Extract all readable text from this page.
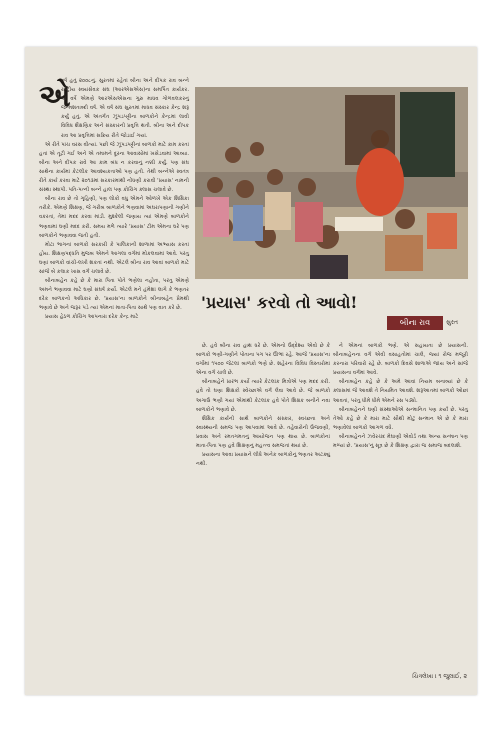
એ

વર્ષ હતું ૨૦૦૮નું. સુરતમાં રહેતાં બીના અને દીપક રાવ બન્ને રાષ્ટ્રીય સ્વયંસેવક સંઘ (આરએસએસ)ના સમર્પિત કાર્યકર. એ વર્ષે એમણે આરએસએસના ગુરુ માધવ ગોળવલકરનું જન્મશતાબ્દી વર્ષ. એ વર્ષ સંઘ સુરતમાં માધવ સંસ્કાર કેન્દ્ર શરૂ કર્યું હતું. એ અંતર્ગત ઝૂંપડપટ્ટીના બાળકોને કેન્દ્રમાં લાવી વિવિધ શૈક્ષણિક અને સંસ્કારની પ્રવૃત્તિ થતી. બીના અને દીપક રાવ આ પ્રવૃત્તિમાં સક્રિય રીતે જોડાઈ ગયાં.

એ રીતે પાંચ વરસ વીત્યાં. પછી જે ઝૂંપડપટ્ટીનાં બાળકો માટે કામ કરતાં હતાં એ તૂટી ગઈ અને એ તમામને દૂરના આવાસોમાં ખસેડવામાં આવ્યા. બીના અને દીપક રાવે આ કામ બંધ ન કરવાનું નક્કી કર્યું. પણ સંઘ સાથેના કાર્યમાં કેટલીક આવશ્યકતાઓ પણ હતી. તેથી બન્નેએ સ્વતંત્ર રીતે કાર્ય કરવા માટે ૨૦૧૩માં સરકારમાંથી નોંધણી કરાવી 'પ્રયાસ' નામની સંસ્થા સ્થાપી. પતિ-પત્ની બન્ને હાલ પણ કોચિંગ ક્લાસ ચલાવે છે.

બીના રાવ છે તો ગૃહિણી, પણ લોકો વધુ એમને ઓળખે એક શિક્ષિકા તરીકે. એમણે શિક્ષણ, જે ગરીબ બાળકોને ભણવામાં અઘરાપણાની ગણીને વકરતાં, તેમાં મદદ કરવા માંડી. મુશ્કેલી જણાય ત્યાં એમણે બાળકોને ભણવામાં ઘણી મદદ કરી. સમય મળે ત્યારે 'પ્રયાસ' ટીમ એમના ઘરે પણ બાળકોને ભણાવવા જતી હતી.

મોટા ભાગનાં બાળકો સરકારી કે પાલિકાની શાળામાં અભ્યાસ કરતાં હોય. શિક્ષણપદ્ધતિ મુજબ એમને આગલા વર્ગમાં મોકલવામાં આવે. પરંતુ ઘણાં બાળકો વાંચી-લખી શકતાં નથી. એટલે બીના રાવ આવાં બાળકો માટે સાંજે બે કલાક ખાસ વર્ગ ચલાવે છે.

બીનાબહેન કહે છે કે મારા પિતા પોતે ભણેલા નહોતા, પરંતુ એમણે અમને ભણાવવા માટે ઘણો સંઘર્ષ કર્યો. એટલે મને હંમેશાં લાગે કે ભણતર દરેક બાળકનો અધિકાર છે. 'પ્રયાસ'ના બાળકોને બીનાબહેન પ્રેમથી ભણાવે છે અને જરૂર પડે ત્યાં એમનાં માતા-પિતા સાથે પણ વાત કરે છે.

પ્રયાસ હેઠળ કોચિંગ આપનારા દરેક કેન્દ્ર માટે

'પ્રયાસ' કરવો તો આવો!
બીના રાવ	સુરત

છે. હવે બીના રાવ હાથ ધરે છે. એમનો ઉદ્દેશ્ય એવો છે કે બાળકો ભણી-ગણીને પોતાના પગ પર ઊભાં રહે. આજે 'પ્રયાસ'ના વર્ગોમાં ૧૫૦૦ જેટલાં બાળકો ભણે છે. શહેરના વિવિધ વિસ્તારોમાં એના વર્ગ ચાલે છે.

બીનાબહેને પ્રારંભ કર્યો ત્યારે કેટલાંક મિત્રોએ પણ મદદ કરી. હવે તો ઘણા શિક્ષકો સ્વેચ્છાએ વર્ગ લેવા આવે છે. જે બાળકો અગાઉ ભણી ગયાં એમાંથી કેટલાંક હવે પોતે શિક્ષક બનીને નવા બાળકોને ભણાવે છે.

શૈક્ષિક કાર્યની સાથે બાળકોને સંસ્કાર, સ્વચ્છતા અને સ્વાસ્થ્યની સમજ પણ આપવામાં આવે છે. તહેવારોની ઉજવણી, પ્રવાસ અને રમતગમતનું આયોજન પણ થાય છે. બાળકોનાં માતા-પિતા પણ હવે શિક્ષણનું મહત્ત્વ સમજતાં થયાં છે.

પ્રયાસના આવા પ્રયાસને લીધે અનેક બાળકોનું ભણતર અટક્યું નથી.

ને એમનાં બાળકો ભણે. એ સહાયતા છે પ્રયાસની. બીનાબહેનના વર્ગ એવી વસાહતોમાં ચાલે, જ્યાં રોજ મજૂરી કરનારા પરિવારો રહે છે. બાળકો દિવસે શાળાએ જાય અને સાંજે પ્રયાસના વર્ગમાં આવે.

બીનાબહેન કહે છે કે અમે આવાં નિયમ બનાવ્યાં છે કે ક્લાસમાં જે આવશે તે નિયમિત આવશે. શરૂઆતમાં બાળકો ઓછાં આવતાં, પરંતુ ધીમે ધીમે એમને રસ પડ્યો.

બીનાબહેનને ઘણી સંસ્થાઓએ સન્માનિત પણ કર્યાં છે. પરંતુ તેઓ કહે છે કે મારા માટે સૌથી મોટું સન્માન એ છે કે મારા ભણાવેલાં બાળકો આગળ વધે.

બીનાબહેનને ઝવેરચંદ મેઘાણી એવોર્ડ તથા અન્ય સન્માન પણ મળ્યાં છે. 'પ્રયાસ'નું સૂત્ર છે કે શિક્ષણ દ્વારા જ સમાજ બદલાશે.

ચિત્રલેખા । ૧ જુલાઈ, ૨
